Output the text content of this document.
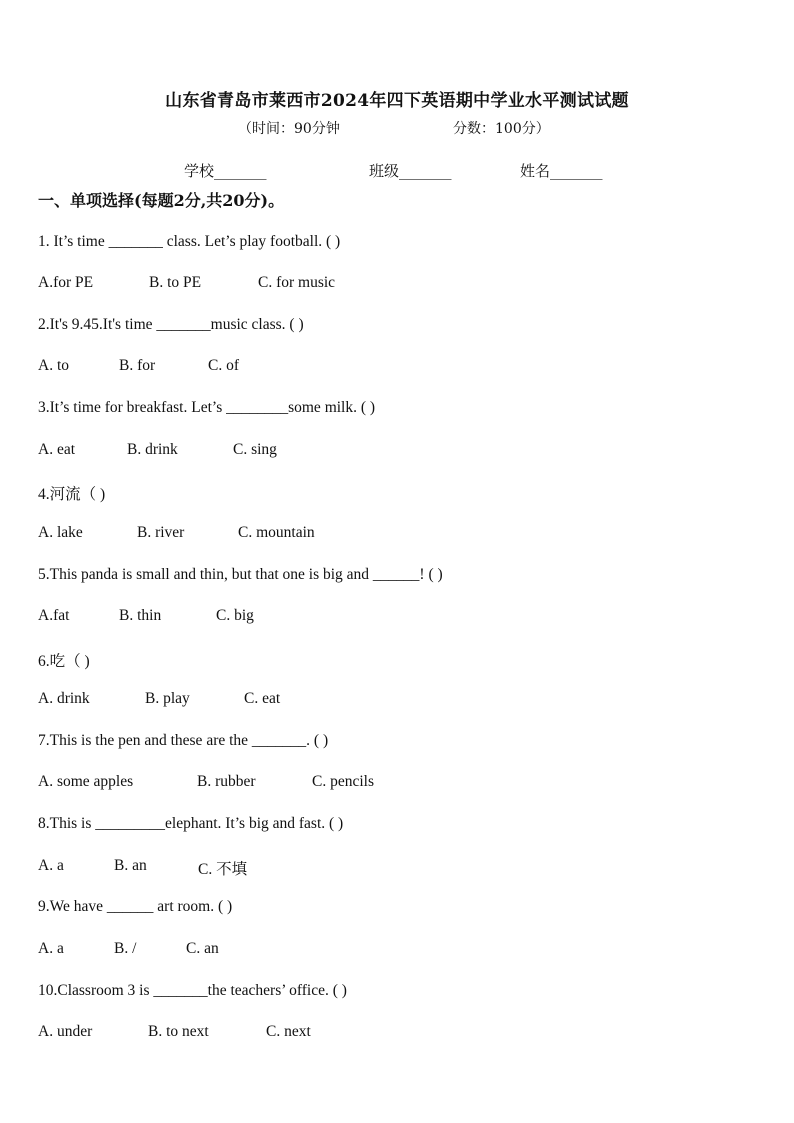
山东省青岛市莱西市2024年四下英语期中学业水平测试试题
（时间：90分钟	分数：100分）
学校_______	班级_______	姓名_______
一、单项选择(每题2分,共20分)。
1. It’s time _______ class. Let’s play football. ( )
A.for PE	B. to PE	C. for music
2.It's 9.45.It's time _______music class. ( )
A. to	B. for	C. of
3.It’s time for breakfast. Let’s ________some milk. ( )
A. eat	B. drink	C. sing
4.河流（ )
A. lake	B. river	C. mountain
5.This panda is small and thin, but that one is big and ______! ( )
A.fat	B. thin	C. big
6.吃（ )
A. drink	B. play	C. eat
7.This is the pen and these are the _______. ( )
A. some apples	B. rubber	C. pencils
8.This is _________elephant. It’s big and fast. ( )
A. a	B. an	C. 不填
9.We have ______ art room. ( )
A. a	B. /	C. an
10.Classroom 3 is _______the teachers’ office. ( )
A. under	B. to next	C. next
